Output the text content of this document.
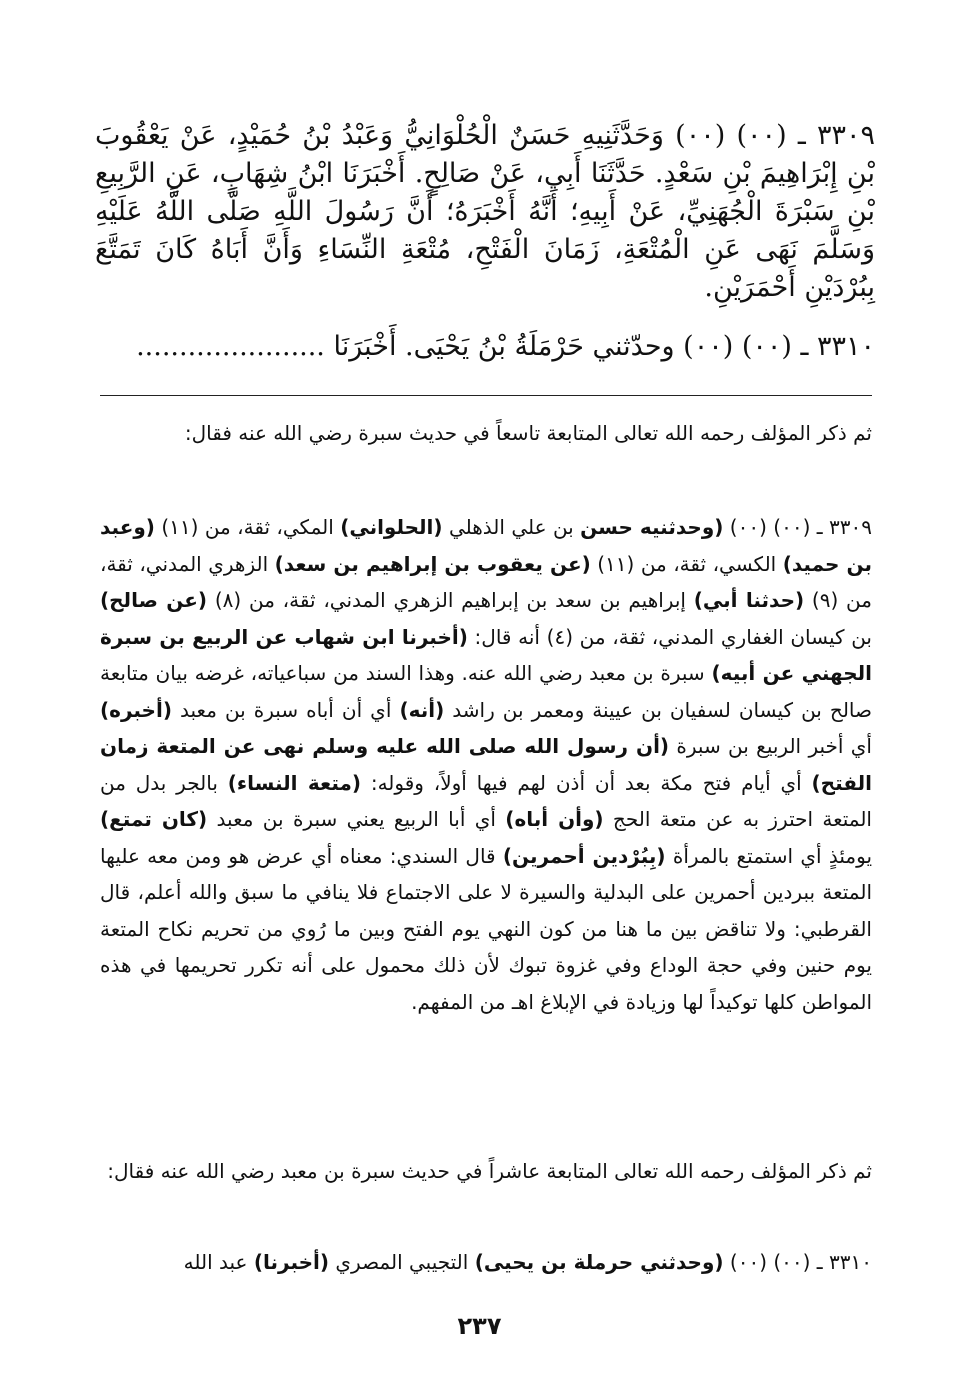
٣٣٠٩ ـ (٠٠) (٠٠) وَحَدَّثَنِيهِ حَسَنٌ الْحُلْوَانِيُّ وَعَبْدُ بْنُ حُمَيْدٍ، عَنْ يَعْقُوبَ بْنِ إِبْرَاهِيمَ بْنِ سَعْدٍ. حَدَّثَنَا أَبِي، عَنْ صَالِحٍ. أَخْبَرَنَا ابْنُ شِهَابٍ، عَنِ الرَّبِيعِ بْنِ سَبْرَةَ الْجُهَنِيِّ، عَنْ أَبِيهِ؛ أَنَّهُ أَخْبَرَهُ؛ أَنَّ رَسُولَ اللَّهِ صَلَّى اللَّهُ عَلَيْهِ وَسَلَّمَ نَهَى عَنِ الْمُتْعَةِ، زَمَانَ الْفَتْحِ، مُتْعَةِ النِّسَاءِ وَأَنَّ أَبَاهُ كَانَ تَمَتَّعَ بِبُرْدَيْنِ أَحْمَرَيْنِ.
٣٣١٠ ـ (٠٠) (٠٠) وحدّثني حَرْمَلَةُ بْنُ يَحْيَى. أَخْبَرَنَا ......................

ثم ذكر المؤلف رحمه الله تعالى المتابعة تاسعاً في حديث سبرة رضي الله عنه فقال:

٣٣٠٩ ـ (٠٠) (٠٠) (وحدثنيه حسن بن علي الذهلي (الحلواني) المكي، ثقة، من (١١) (وعبد بن حميد) الكسي، ثقة، من (١١) (عن يعقوب بن إبراهيم بن سعد) الزهري المدني، ثقة، من (٩) (حدثنا أبي) إبراهيم بن سعد بن إبراهيم الزهري المدني، ثقة، من (٨) (عن صالح) بن كيسان الغفاري المدني، ثقة، من (٤) أنه قال: (أخبرنا ابن شهاب عن الربيع بن سبرة الجهني عن أبيه) سبرة بن معبد رضي الله عنه. وهذا السند من سباعياته، غرضه بيان متابعة صالح بن كيسان لسفيان بن عيينة ومعمر بن راشد (أنه) أي أن أباه سبرة بن معبد (أخبره) أي أخبر الربيع بن سبرة (أن رسول الله صلى الله عليه وسلم نهى عن المتعة زمان الفتح) أي أيام فتح مكة بعد أن أذن لهم فيها أولاً، وقوله: (متعة النساء) بالجر بدل من المتعة احترز به عن متعة الحج (وأن أباه) أي أبا الربيع يعني سبرة بن معبد (كان تمتع) يومئذٍ أي استمتع بالمرأة (بِبُرْدين أحمرين) قال السندي: معناه أي عرض هو ومن معه عليها المتعة ببردين أحمرين على البدلية والسيرة لا على الاجتماع فلا ينافي ما سبق والله أعلم، قال القرطبي: ولا تناقض بين ما هنا من كون النهي يوم الفتح وبين ما رُوي من تحريم نكاح المتعة يوم حنين وفي حجة الوداع وفي غزوة تبوك لأن ذلك محمول على أنه تكرر تحريمها في هذه المواطن كلها توكيداً لها وزيادة في الإبلاغ اهـ من المفهم.

ثم ذكر المؤلف رحمه الله تعالى المتابعة عاشراً في حديث سبرة بن معبد رضي الله عنه فقال:

٣٣١٠ ـ (٠٠) (٠٠) (وحدثني حرملة بن يحيى) التجيبي المصري (أخبرنا) عبد الله

٢٣٧
